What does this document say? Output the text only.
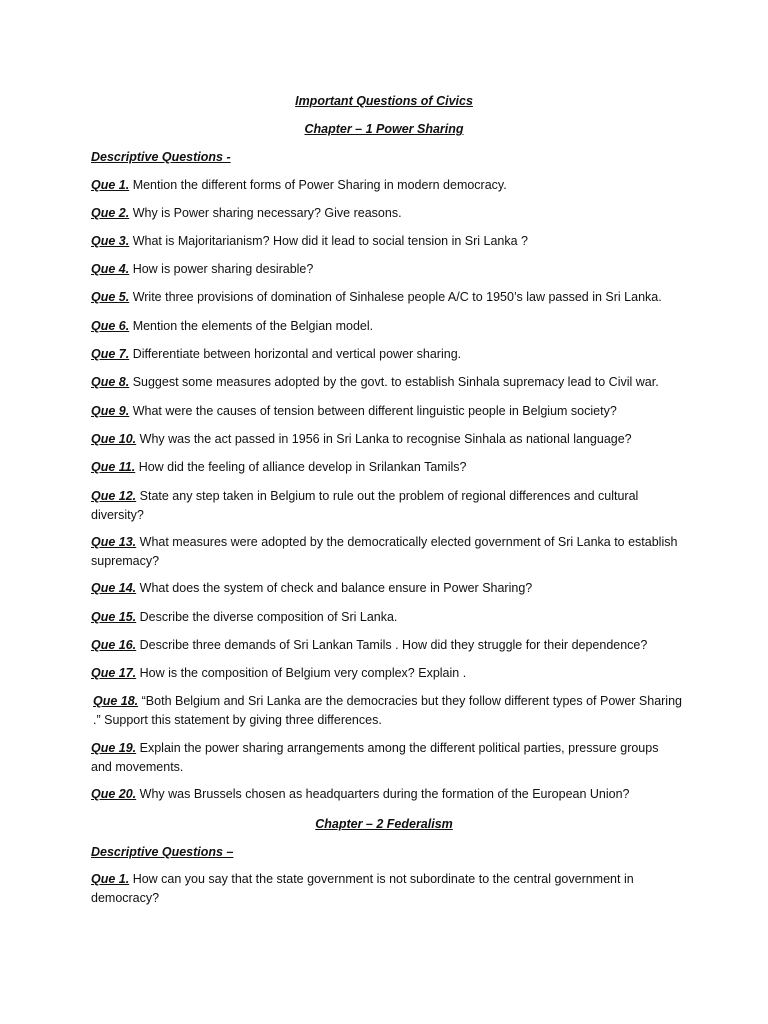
Important Questions of Civics
Chapter – 1 Power Sharing
Descriptive Questions -
Que 1. Mention the different forms of Power Sharing in modern democracy.
Que 2. Why is Power sharing necessary? Give reasons.
Que 3. What is Majoritarianism? How did it lead to social tension in Sri Lanka ?
Que 4. How is power sharing desirable?
Que 5. Write three provisions of domination of Sinhalese people A/C to 1950’s law passed in Sri Lanka.
Que 6. Mention the elements of the Belgian model.
Que 7. Differentiate between horizontal and vertical power sharing.
Que 8. Suggest some measures adopted by the govt. to establish Sinhala supremacy lead to Civil war.
Que 9. What were the causes of tension between different linguistic people in Belgium society?
Que 10. Why was the act passed in 1956 in Sri Lanka to recognise Sinhala as national language?
Que 11. How did the feeling of alliance develop in Srilankan Tamils?
Que 12. State any step taken in Belgium to rule out the problem of regional differences and cultural diversity?
Que 13. What measures were adopted by the democratically elected government of Sri Lanka to establish supremacy?
Que 14. What does the system of check and balance ensure in Power Sharing?
Que 15. Describe the diverse composition of Sri Lanka.
Que 16. Describe three demands of Sri Lankan Tamils . How did they struggle for their dependence?
Que 17. How is the composition of Belgium very complex? Explain .
Que 18. “Both Belgium and Sri Lanka are the democracies but they follow different types of Power Sharing .” Support this statement by giving three differences.
Que 19. Explain the power sharing arrangements among the different political parties, pressure groups and movements.
Que 20. Why was Brussels chosen as headquarters during the formation of the European Union?
Chapter – 2 Federalism
Descriptive Questions –
Que 1. How can you say that the state government is not subordinate to the central government in democracy?
